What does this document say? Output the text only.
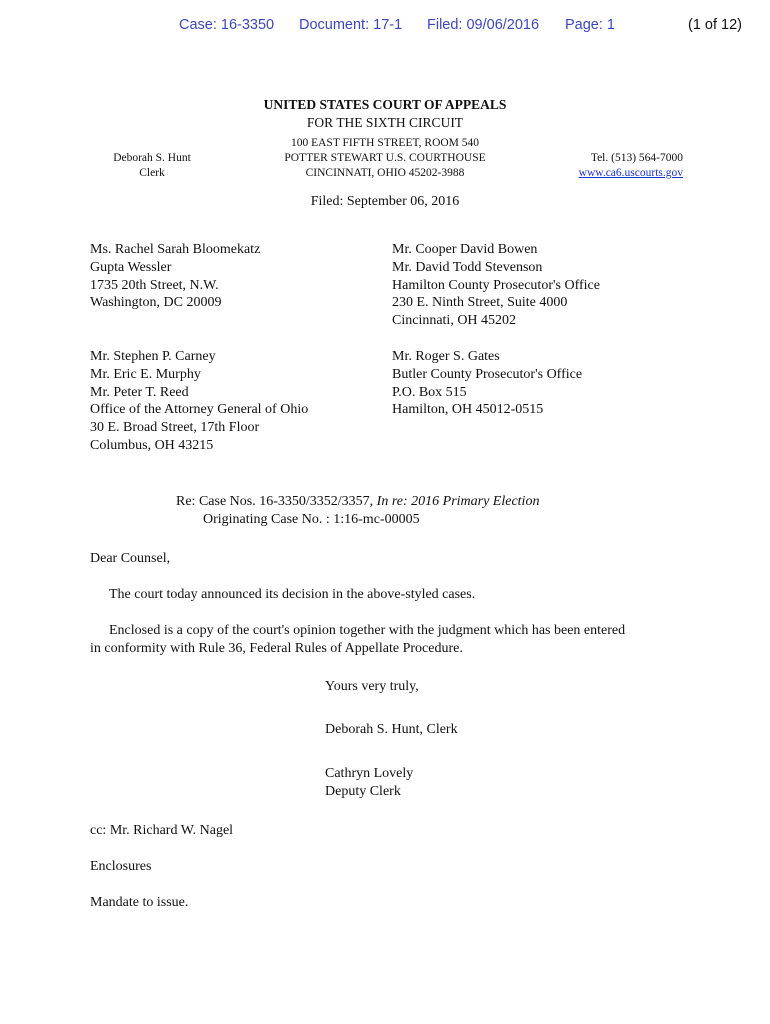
Case: 16-3350 Document: 17-1 Filed: 09/06/2016 Page: 1	(1 of 12)
UNITED STATES COURT OF APPEALS
FOR THE SIXTH CIRCUIT
100 EAST FIFTH STREET, ROOM 540
POTTER STEWART U.S. COURTHOUSE
CINCINNATI, OHIO 45202-3988
Deborah S. Hunt
Clerk
Tel. (513) 564-7000
www.ca6.uscourts.gov
Filed: September 06, 2016
Ms. Rachel Sarah Bloomekatz
Gupta Wessler
1735 20th Street, N.W.
Washington, DC 20009
Mr. Cooper David Bowen
Mr. David Todd Stevenson
Hamilton County Prosecutor's Office
230 E. Ninth Street, Suite 4000
Cincinnati, OH 45202
Mr. Stephen P. Carney
Mr. Eric E. Murphy
Mr. Peter T. Reed
Office of the Attorney General of Ohio
30 E. Broad Street, 17th Floor
Columbus, OH 43215
Mr. Roger S. Gates
Butler County Prosecutor's Office
P.O. Box 515
Hamilton, OH 45012-0515
Re: Case Nos. 16-3350/3352/3357, In re: 2016 Primary Election
Originating Case No. : 1:16-mc-00005
Dear Counsel,
The court today announced its decision in the above-styled cases.
Enclosed is a copy of the court's opinion together with the judgment which has been entered
in conformity with Rule 36, Federal Rules of Appellate Procedure.
Yours very truly,
Deborah S. Hunt, Clerk
Cathryn Lovely
Deputy Clerk
cc: Mr. Richard W. Nagel
Enclosures
Mandate to issue.
